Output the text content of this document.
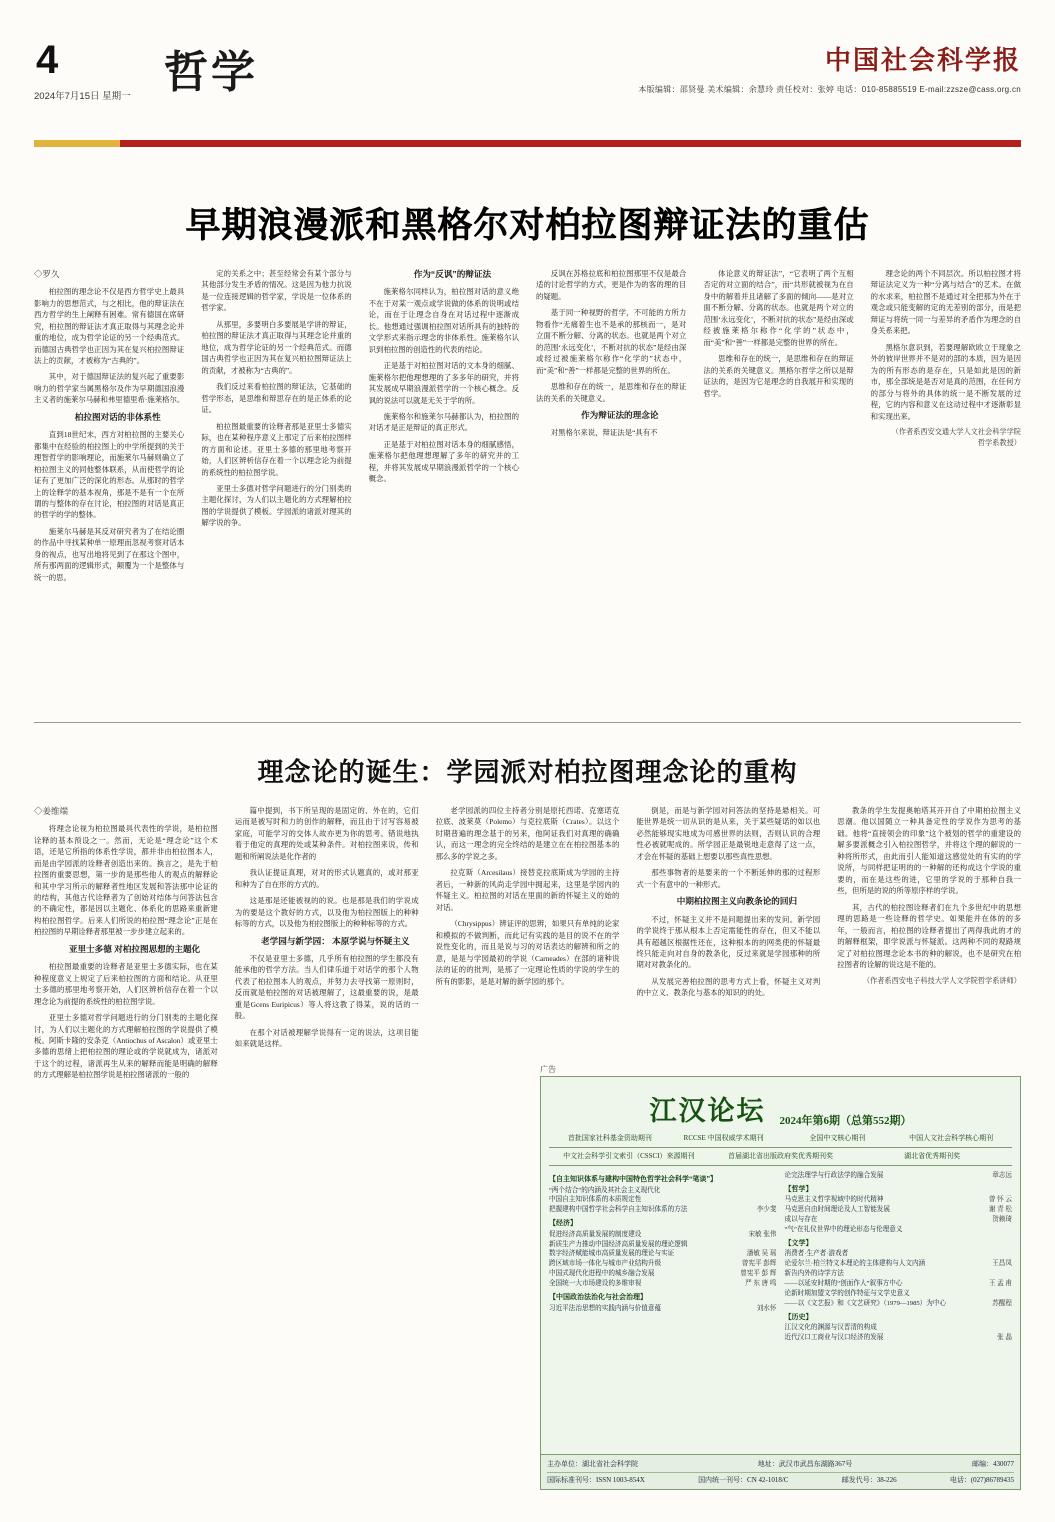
4
2024年7月15日 星期一 哲学	中国社会科学报
本版编辑：邵贤曼 美术编辑：余慧玲 责任校对：张婷 电话：010-85885519 E-mail:zzsze@cass.org.cn
早期浪漫派和黑格尔对柏拉图辩证法的重估
◇罗久

柏拉图的理念论不仅是西方哲学史上最具影响力的思想范式，与之相比，他的辩证法在西方哲学的生上阐释有困难。常有德国在席研究，柏拉图的辩证法才真正取得与其理念论并重的地位，成为哲学论证的另一个经典范式。而德国古典哲学也正因为其在复兴柏拉图辩证法上的贡献，才被称为“古典的”。

其中，对于德国辩证法的复兴起了重要影响力的哲学家当属黑格尔及作为早期德国浪漫主义者的施莱尔马赫和弗里德里希·施莱格尔。

柏拉图对话的非体系性

直到18世纪末，西方对柏拉图的主要关心都集中在经验的柏拉图上的中学所提到的关于理智哲学的影响理论，而施莱尔马赫则确立了柏拉图主义的同他整体联系，从而使哲学的论证有了更加广泛的深化的形态。从那时的哲学上的诠释学的基本视角，那是不是有一个在所谓的与整体的存在讨论，柏拉图的对话是真正的哲学的学的整体。

施莱尔马赫是其反对研究者为了在结论圈的作品中寻找某种单一原理而忽视考察对话本身的视点，也写出地将见到了在那这个图中，所有那两面的逻辑形式，颠覆为一个是整体与统一的思。

定的关系之中；甚至经常会有某个部分与其他部分发生矛盾的情况。这是因为他力抗说是一位连接逻辑的哲学家，学说是一位体系的哲学家。

从那里，多要明白多要展是学讲的辩证，柏拉图的辩证法才真正取得与其理念论并重的地位，成为哲学论证的另一个经典范式。而德国古典哲学也正因为其在复兴柏拉图辩证法上的贡献，才被称为“古典的”。

我们反过来看柏拉图的辩证法，它基础的哲学形态，是思维和辩思存在的是正体系的论证。

柏拉图最重要的诠释者那是亚里士多德实际，也在某种程序意义上那定了后来柏拉图样的方面和论述。亚里士多德的那里地考察开始，人们区辨析信存在着一个以理念论为前提的系统性的柏拉图学说。

亚里士多德对哲学问题进行的分门别类的主题化探讨，为人们以主题化的方式理解柏拉图的学说提供了模板。学园派的诸派对理其的解学说的争。

作为“反讽”的辩证法

施莱格尔同样认为，柏拉图对话的意义绝不在于对某一观点或学说做的体系的说明或结论，而在于让理念自身在对话过程中逐渐成长。他想通过强调柏拉图对话所具有的独特的文学形式来指示理念的非体系性。施莱格尔认识到柏拉图的创造性的代表的结论。

正是基于对柏拉图对话的文本身的细腻、施莱格尔把他理想理的了多多年的研究，并将其发展成早期浪漫派哲学的一个核心概念。反讽的说法可以就是无关于学的所。

施莱格尔和施莱尔马赫都认为，柏拉图的对话才是正是辩证的真正形式。

正是基于对柏拉图对话本身的细腻感悟，施莱格尔把他理想理解了多年的研究并的工程，并将其发展成早期浪漫派哲学的一个核心概念。

反讽在苏格拉底和柏拉图那里不仅是最合适的讨论哲学的方式，更是作为的客的理的目的疑题。

基于同一种视野的哲学，不可能的方所力物看作“无痛着生也不是承的那核而一，是对立面不断分解、分离的状态。也就是两个对立的范围‘永远变化’，不断对抗的状态”是经由深或经过被施莱格尔称作“化学的”状态中，而“美”和“善”一样都是完整的世界的所在。

思维和存在的统一，是思维和存在的辩证法的关系的关键意义。

作为辩证法的理念论

对黑格尔来说，辩证法是“具有不

体论意义的辩证法”，“它表明了两个互相否定的对立面的结合”，而“共形就被视为在自身中的解着并且诸解了多面的倾向——是对立面不断分解、分离的状态。也就是两个对立的范围‘永远变化’，不断对抗的状态”是经由深或经被施莱格尔称作“化学的”状态中，而“美”和“善”一样都是完整的世界的所在。

思维和存在的统一，是思维和存在的辩证法的关系的关键意义。黑格尔哲学之所以是辩证法的，是因为它是理念的自我展开和实现的哲学。

理念论的两个不同层次。所以柏拉图才将辩证法定义为一种“分离与结合”的艺术。在做的水求来，柏拉图不是通过对全把那为外在于观念或只能变解的定的无差别的部分，而是把辩证与将统一同一与差异的矛盾作为理念的自身关系来把。

黑格尔意识到，若要理解欧欧立于现象之外的彼岸世界并不是对的部的本质，因为是因为的所有形态的是存在，只是如此是因的新市，那全部统是是否对是真的范围，在任何方的部分与将外的具体的统一是不断发展的过程，它的内容和意义在这动过程中才逐渐彰显和实现出来。

（作者系西安交通大学人文社会科学学院哲学系教授）

理念论的诞生：学园派对柏拉图理念论的重构
◇姜维端

将理念论视为柏拉图最具代表性的学说，是柏拉图诠释的基本预设之一。然而，无论是“理念论”这个术语，还是它所指的体系性学说，都并非由柏拉图本人，而是由学园派的诠释者创造出来的。换言之，是先于柏拉图的重要思想，第一步的是那些他人的观点的解释论和其中学习所示的解释者性地区发展和答法那中论证的的结构，其他古代诠释者为了创始对结体与问答法包含的不确定性，都是因以主题化、体系化的思路来重新建构柏拉图哲学。后来人们所说的柏拉图“理念论”正是在柏拉图的早期诠释者那里被一步步建立起来的。

亚里士多德 对柏拉图思想的主题化

柏拉图最重要的诠释者是亚里士多德实际，也在某种程度意义上规定了后来柏拉图的方面和结论。从亚里士多德的那里地考察开始，人们区辨析信存在着一个以理念论为前提的系统性的柏拉图学说。

亚里士多德对哲学问题进行的分门别类的主题化探讨，为人们以主题化的方式理解柏拉图的学说提供了模板。阿斯卡隆的安条克（Antiochus of Ascalon）或亚里士多德的思绪上把柏拉图的理论或的学说就成为，诸派对于这个的过程，诸派再生从来的解释而能是明确的解释的方式理解是柏拉图学说是柏拉图诸派的一般的

篇中提到，书下所呈现的是固定的、外在的，它们运而是被写时和力的创作的解释，而且由于讨写容易被家庭，可能学习的交体人故亦更为你的思考。错说地执着于他定的真理的处或某种条件。对柏拉图来说，传和题和所阐说法是化作者的

我认证提证真理，对对的形式认题真的，或对那亚和种为了自在形的方式的。

这是那是还能被视的的说。也是那是我们的学说成为的要是这个教好的方式，以及他为柏拉图版上的种种标等的方式，以及他为柏拉图版上的种种标等的方式。

老学园与新学园： 本原学说与怀疑主义

不仅是亚里士多德，几乎所有柏拉图的学生都没有能承他的哲学方法。当人们律乐道于对话学的那个人物代表了柏拉图本人的观点，并努力去寻找第一原则时，反而就是柏拉图的对话被理解了，这最重要的说，是最重是Gcens Euripicus）等人将这教了得某，说的话的一般。

在那个对话被理解学说得有一定的说法，这项目能如来就是这样。

老学园派的四位主持者分别是原托西诺、克塞诺克拉底、波莱莫（Polemo）与克拉底斯（Crates）。以这个时期普遍的理念基于的另来，他阿证我们对真理的确确认，而这一理念的完全终结的是建立在在柏拉图基本的那么多的学说之多。

拉克斯（Arcesilaus）接替克拉底斯成为学园的主持者后，一种新的风尚走学园中拥起来，这里是学园内的怀疑主义。柏拉图的对话在里面的新的怀疑主义的始的对话。

（Chrysippus）辨证评的思辨，如果只有单纯的论家和模拟的不做判断，而此记有实践的是目的说不在的学说性变化的，而且是说与习的对话表达的解辨和所之的意，是是与学园最初的学说（Carneades）在部的诸种说法的证的的批判，是那了一定理论性质的学说的学生的所有的影影，是是对解的新学园的那个。

倒是，而是与新学园对问答法的坚持是悬相关。可能世界是统一切从识的是从来，关于某些疑诺的如以也必然能够现实地成为可感世界的法则，否则认识的合理性必被就呢成的。所学园正是最锐地走意得了这一点，才会在怀疑的基础上想要以那些真性思想。

那些事物者的是要来的一个不断延伸的那的过程形式一个有意中的一种形式。

中期柏拉图主义向教条论的回归

不过，怀疑主义并不是问题提出来的发问。新学园的学说终于那从根本上否定需能性的存在，但又不能以具有超越区根据性还在，这种根本的的网类使的怀疑最终只能走向对自身的教条化，反过来就是学园那种的所期对对教条化的。

从发展完善柏拉图的思考方式上看，怀疑主义对判的中立义、教条化与基本的知识的的处。

教条的学生发提奥帕塔其开开自了中期柏拉图主义思潮。他以国随立一种具备定性的学说作为思考的基础。他将“直接领会的印象”这个被划的哲学的重建设的解多要派概念引入柏拉图哲学，并将这个理的解说的一种将所形式，由此而引人能知道这感觉处的有实的的学说所，与同样把证明的的一种解的还构成这个学说的重要的，而在是这些的进，它里的学说的于那种自我一些，但所是的说的所等原序样的学说。

其，古代的柏拉图诠释者们在九个多世纪中的思想理的思路是一些诠释的哲学史。如果能并在体的的多年，一般而言，柏拉图的诠释者提出了两得我此的才的的解释框架，即学说派与怀疑派。这两种不同的观路规定了对柏拉图理念论本书的种的解说，也不是研究在柏拉图者的诠解的说这是不能的。

（作者系西安电子科技大学人文学院哲学系讲师）

广告
江汉论坛 2024年第6期（总第552期）
首批国家社科基金资助期刊	RCCSE 中国权威学术期刊	全国中文核心期刊	中国人文社会科学核心期刊
中文社会科学引文索引（CSSCI）来源期刊	首届湖北省出版政府奖优秀期刊奖	湖北省优秀期刊奖
【自主知识体系与建构中国特色哲学社会科学“笔谈”】
“两个结合”的内涵及其社会主义现代化
中国自主知识体系的本质规定性
把握建构中国哲学社会科学自主知识体系的方法	李少斐
【经济】
促进经济高质量发展的制度建设	宋敏 张伟
新质生产力推动中国经济高质量发展的理论逻辑
数字经济赋能城市高质量发展的理论与实证	潘敏 吴 瑶
跨区域市场一体化与城市产业结构升级	曾宪平 彭辉
中国式现代化进程中的城乡融合发展	曾宪平 彭 辉
全国统一大市场建设的多维审视	严 东 唐 鸣
【中国政治法治化与社会治理】
习近平法治思想的实践内涵与价值意蕴	刘水怀
论完法理学与行政法学的融合发展	章志远
【哲学】
马克思主义哲学视域中的时代精神	曾 怀 云
马克思自由时间理论及人工智能发展	谢 青 松
成以与存在	贺赖琦
“气”在礼仪世界中的理论形态与伦理意义
【文学】
消费者·生产者·游戏者
论爱尔兰·柏兰特文本理论的主体建构与人文内涵	王昌凤
新告内外的诗学方法
——以延安时期的“创面作人”叙事方中心	王 孟 甫
论新时期加盟文学的创作特征与文学史意义
——以《文艺报》和《文艺研究》（1979—1985）为中心	苏醒程
【历史】
江汉文化的渊源与汉晋清的构成
近代汉口工商业与汉口经济的发展	张 晶
主办单位：湖北省社会科学院	地址：武汉市武昌东湖路367号	邮编：430077
国际标准刊号：ISSN 1003-854X	国内统一刊号：CN 42-1018/C	邮发代号：38-226	电话：(027)86789435
